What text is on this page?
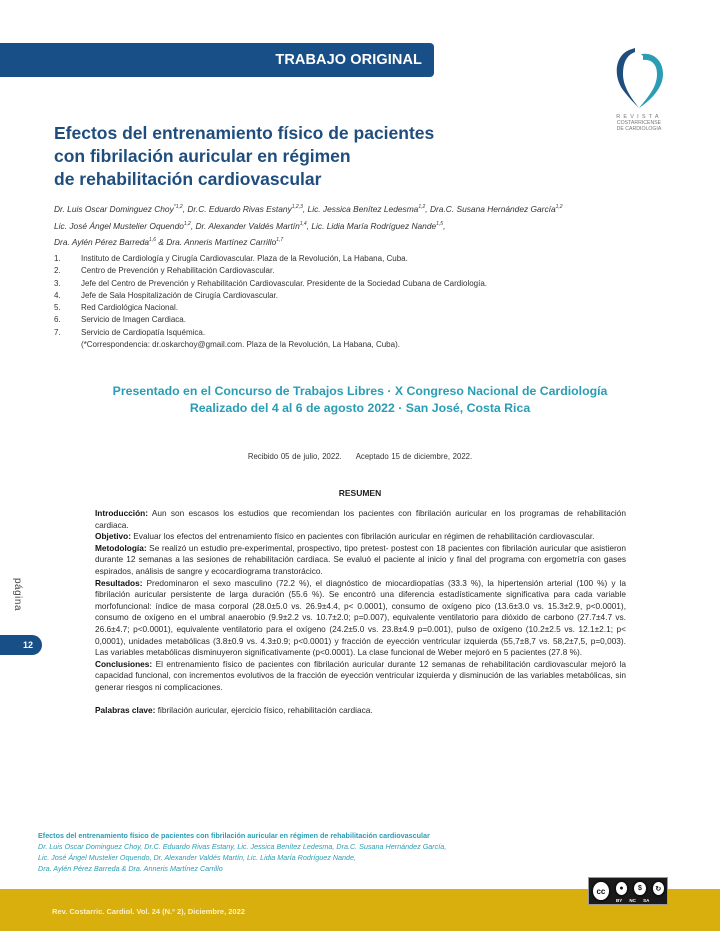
TRABAJO ORIGINAL
REVISTA
COSTARRICENSE
DE CARDIOLOGIA
Efectos del entrenamiento físico de pacientes
con fibrilación auricular en régimen
de rehabilitación cardiovascular
Dr. Luis Oscar Dominguez Choy$^{*1,2}$, Dr.C. Eduardo Rivas Estany$^{1,2,3}$, Lic. Jessica Benítez Ledesma$^{1,2}$, Dra.C. Susana Hernández García$^{1,2}$
Lic. José Ángel Mustelier Oquendo$^{1,2}$, Dr. Alexander Valdés Martín$^{1,4}$, Lic. Lidia María Rodríguez Nande$^{1,5}$,
Dra. Aylén Pérez Barreda$^{1,6}$ & Dra. Anneris Martínez Carrillo$^{1,7}$
1.	Instituto de Cardiología y Cirugía Cardiovascular. Plaza de la Revolución, La Habana, Cuba.
2.	Centro de Prevención y Rehabilitación Cardiovascular.
3.	Jefe del Centro de Prevención y Rehabilitación Cardiovascular. Presidente de la Sociedad Cubana de Cardiología.
4.	Jefe de Sala Hospitalización de Cirugía Cardiovascular.
5.	Red Cardiológica Nacional.
6.	Servicio de Imagen Cardiaca.
7.	Servicio de Cardiopatía Isquémica.
(*Correspondencia: dr.oskarchoy@gmail.com. Plaza de la Revolución, La Habana, Cuba).
Presentado en el Concurso de Trabajos Libres · X Congreso Nacional de Cardiología
Realizado del 4 al 6 de agosto 2022 · San José, Costa Rica
Recibido 05 de julio, 2022. Aceptado 15 de diciembre, 2022.
RESUMEN

Introducción: Aun son escasos los estudios que recomiendan los pacientes con fibrilación auricular en los programas de rehabilitación cardiaca.

Objetivo: Evaluar los efectos del entrenamiento físico en pacientes con fibrilación auricular en régimen de rehabilitación cardiovascular.

Metodología: Se realizó un estudio pre-experimental, prospectivo, tipo pretest- postest con 18 pacientes con fibrilación auricular que asistieron durante 12 semanas a las sesiones de rehabilitación cardiaca. Se evaluó el paciente al inicio y final del programa con ergometría con gases espirados, análisis de sangre y ecocardiograma transtorácico.

Resultados: Predominaron el sexo masculino (72.2 %), el diagnóstico de miocardiopatías (33.3 %), la hipertensión arterial (100 %) y la fibrilación auricular persistente de larga duración (55.6 %). Se encontró una diferencia estadísticamente significativa para cada variable morfofuncional: índice de masa corporal (28.0±5.0 vs. 26.9±4.4, p< 0.0001), consumo de oxígeno pico (13.6±3.0 vs. 15.3±2.9, p<0.0001), consumo de oxígeno en el umbral anaerobio (9.9±2.2 vs. 10.7±2.0; p=0.007), equivalente ventilatorio para dióxido de carbono (27.7±4.7 vs. 26.6±4.7; p<0.0001), equivalente ventilatorio para el oxígeno (24.2±5.0 vs. 23.8±4.9 p=0.001), pulso de oxígeno (10.2±2.5 vs. 12.1±2.1; p< 0,0001), unidades metabólicas (3.8±0.9 vs. 4.3±0.9; p<0.0001) y fracción de eyección ventricular izquierda (55,7±8,7 vs. 58,2±7,5, p=0,003). Las variables metabólicas disminuyeron significativamente (p<0.0001). La clase funcional de Weber mejoró en 5 pacientes (27.8 %).

Conclusiones: El entrenamiento físico de pacientes con fibrilación auricular durante 12 semanas de rehabilitación cardiovascular mejoró la capacidad funcional, con incrementos evolutivos de la fracción de eyección ventricular izquierda y disminución de las variables metabólicas, sin generar riesgos ni complicaciones.

Palabras clave: fibrilación auricular, ejercicio físico, rehabilitación cardiaca.

página
12
Efectos del entrenamiento físico de pacientes con fibrilación auricular en régimen de rehabilitación cardiovascular
Dr. Luis Oscar Dominguez Choy, Dr.C. Eduardo Rivas Estany, Lic. Jessica Benítez Ledesma, Dra.C. Susana Hernández García,
Lic. José Ángel Mustelier Oquendo, Dr. Alexander Valdés Martín, Lic. Lidia María Rodríguez Nande,
Dra. Aylén Pérez Barreda & Dra. Anneris Martínez Carrillo
Rev. Costarric. Cardiol. Vol. 24 (N.º 2), Diciembre, 2022
cc	●	$	↻
BY NC SA
